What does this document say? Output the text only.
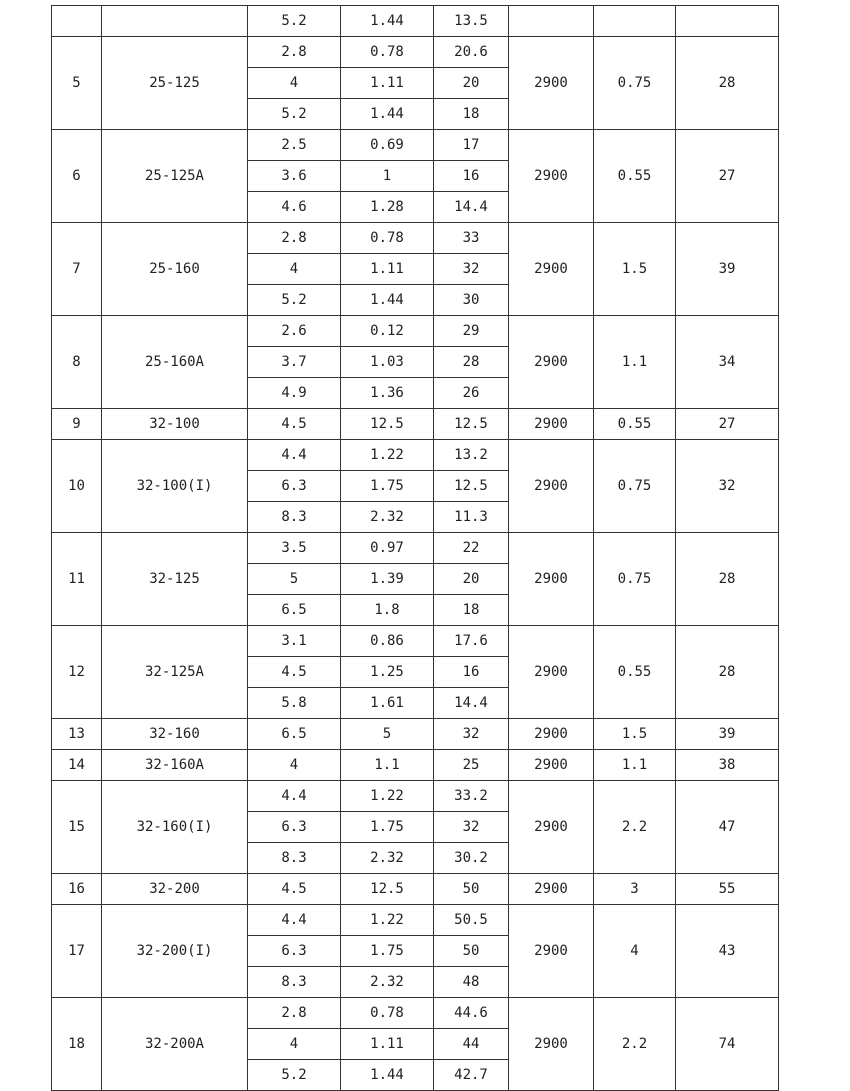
		5.2	1.44	13.5			
5	25-125	2.8	0.78	20.6	2900	0.75	28
		4	1.11	20			
		5.2	1.44	18			
6	25-125A	2.5	0.69	17	2900	0.55	27
		3.6	1	16			
		4.6	1.28	14.4			
7	25-160	2.8	0.78	33	2900	1.5	39
		4	1.11	32			
		5.2	1.44	30			
8	25-160A	2.6	0.12	29	2900	1.1	34
		3.7	1.03	28			
		4.9	1.36	26			
9	32-100	4.5	12.5	12.5	2900	0.55	27
10	32-100(I)	4.4	1.22	13.2	2900	0.75	32
		6.3	1.75	12.5			
		8.3	2.32	11.3			
11	32-125	3.5	0.97	22	2900	0.75	28
		5	1.39	20			
		6.5	1.8	18			
12	32-125A	3.1	0.86	17.6	2900	0.55	28
		4.5	1.25	16			
		5.8	1.61	14.4			
13	32-160	6.5	5	32	2900	1.5	39
14	32-160A	4	1.1	25	2900	1.1	38
15	32-160(I)	4.4	1.22	33.2	2900	2.2	47
		6.3	1.75	32			
		8.3	2.32	30.2			
16	32-200	4.5	12.5	50	2900	3	55
17	32-200(I)	4.4	1.22	50.5	2900	4	43
		6.3	1.75	50			
		8.3	2.32	48			
18	32-200A	2.8	0.78	44.6	2900	2.2	74
		4	1.11	44			
		5.2	1.44	42.7			
